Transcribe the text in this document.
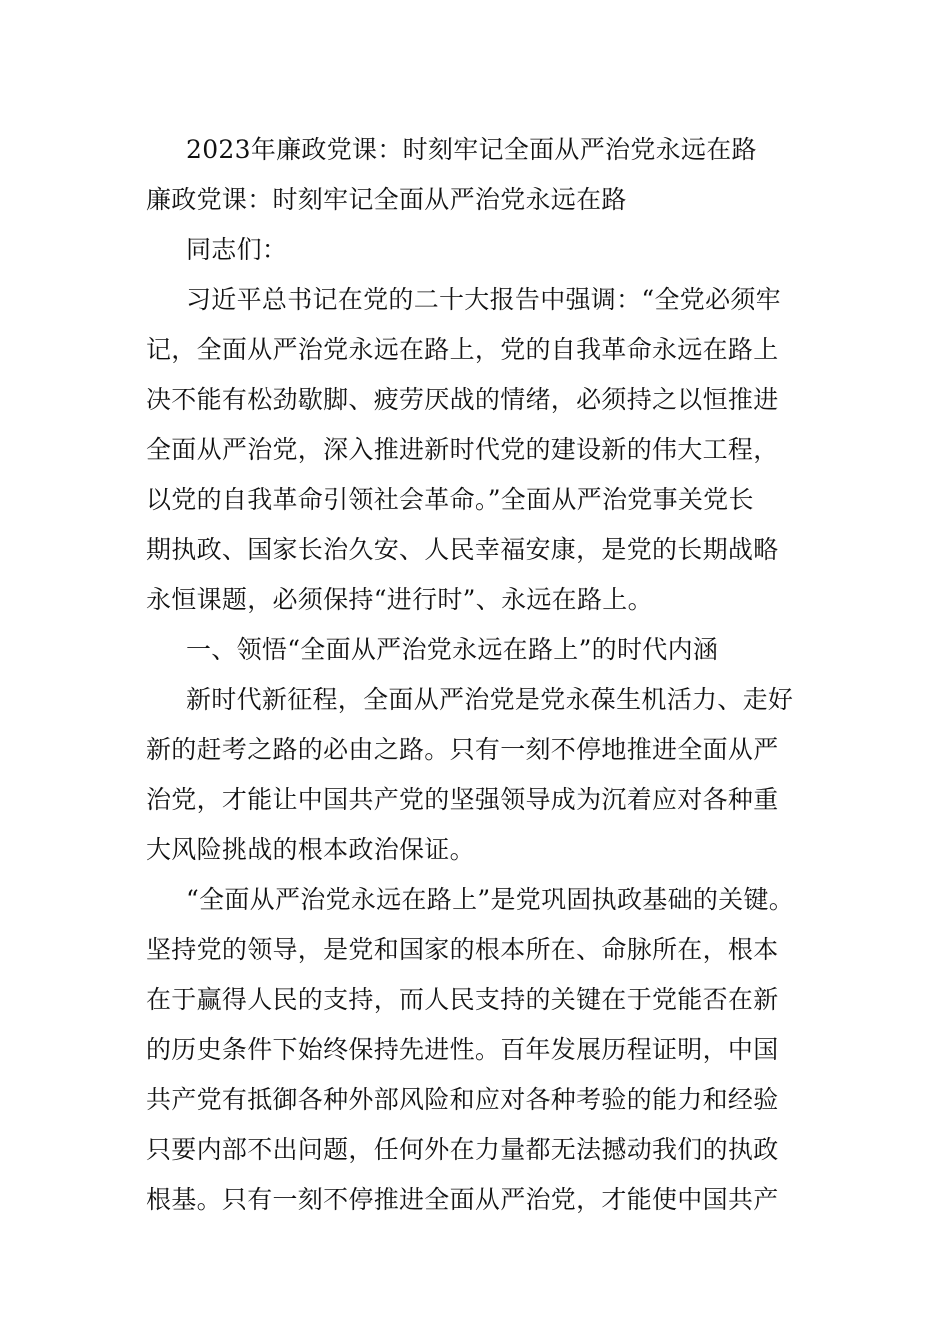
2023年廉政党课：时刻牢记全面从严治党永远在路
廉政党课：时刻牢记全面从严治党永远在路
同志们：
习近平总书记在党的二十大报告中强调：“全党必须牢
记，全面从严治党永远在路上，党的自我革命永远在路上
决不能有松劲歇脚、疲劳厌战的情绪，必须持之以恒推进
全面从严治党，深入推进新时代党的建设新的伟大工程，
以党的自我革命引领社会革命。”全面从严治党事关党长
期执政、国家长治久安、人民幸福安康，是党的长期战略
永恒课题，必须保持“进行时”、永远在路上。
一、领悟“全面从严治党永远在路上”的时代内涵
新时代新征程，全面从严治党是党永葆生机活力、走好
新的赶考之路的必由之路。只有一刻不停地推进全面从严
治党，才能让中国共产党的坚强领导成为沉着应对各种重
大风险挑战的根本政治保证。
“全面从严治党永远在路上”是党巩固执政基础的关键。
坚持党的领导，是党和国家的根本所在、命脉所在，根本
在于赢得人民的支持，而人民支持的关键在于党能否在新
的历史条件下始终保持先进性。百年发展历程证明，中国
共产党有抵御各种外部风险和应对各种考验的能力和经验
只要内部不出问题，任何外在力量都无法撼动我们的执政
根基。只有一刻不停推进全面从严治党，才能使中国共产
